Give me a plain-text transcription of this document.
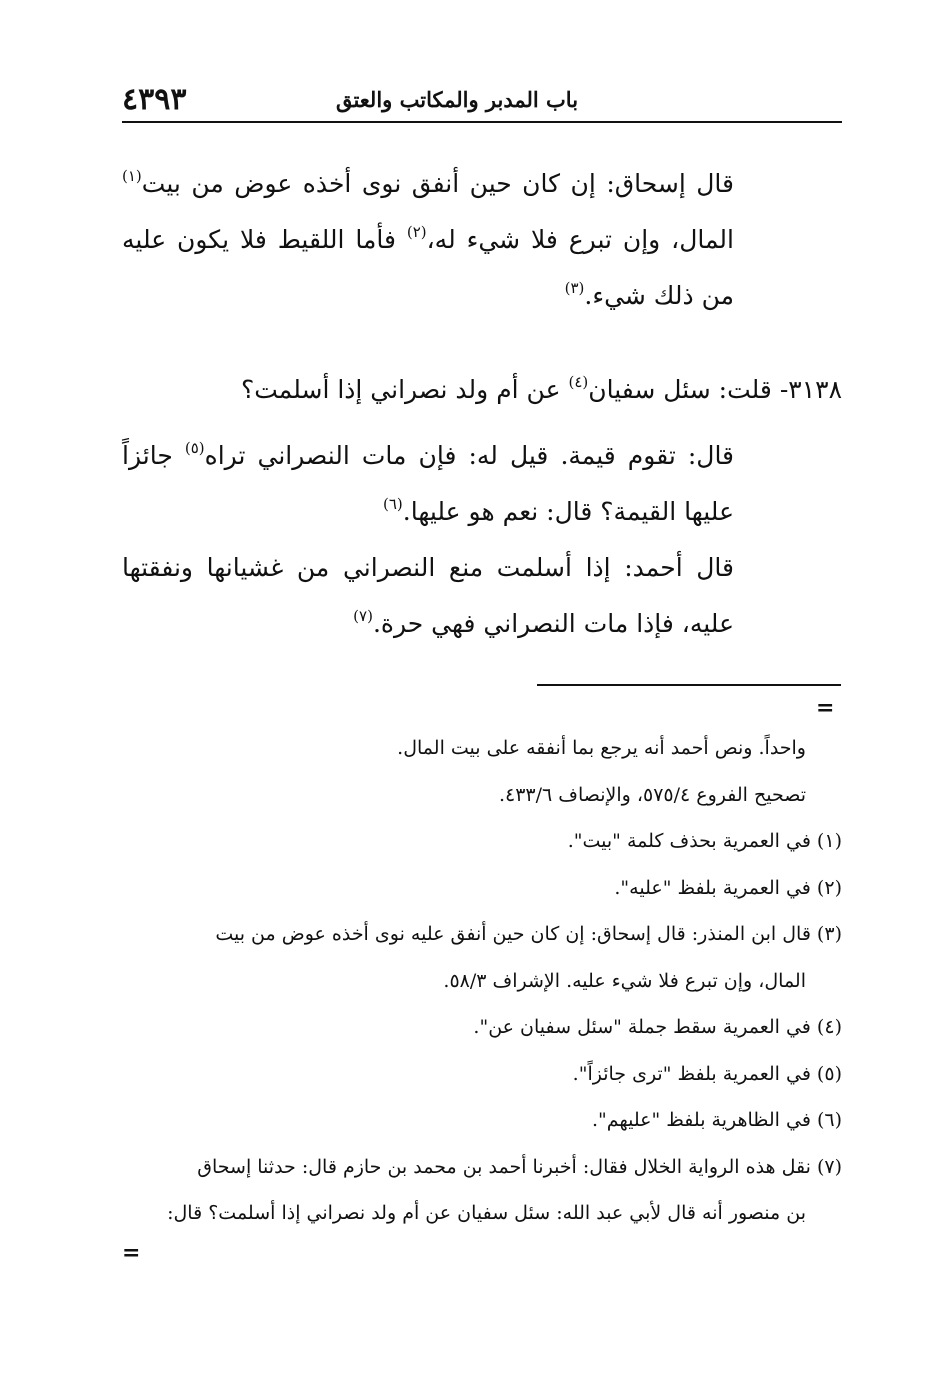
٤٣٩٣	باب المدبر والمكاتب والعتق
قال إسحاق: إن كان حين أنفق نوى أخذه عوض من بيت$^{(١)}$ المال، وإن تبرع فلا شيء له،$^{(٢)}$ فأما اللقيط فلا يكون عليه من ذلك شيء.$^{(٣)}$
٣١٣٨- قلت: سئل سفيان$^{(٤)}$ عن أم ولد نصراني إذا أسلمت؟
قال: تقوم قيمة. قيل له: فإن مات النصراني تراه$^{(٥)}$ جائزاً عليها القيمة؟ قال: نعم هو عليها.$^{(٦)}$
قال أحمد: إذا أسلمت منع النصراني من غشيانها ونفقتها عليه، فإذا مات النصراني فهي حرة.$^{(٧)}$
=
واحداً. ونص أحمد أنه يرجع بما أنفقه على بيت المال.
تصحيح الفروع ٥٧٥/٤، والإنصاف ٤٣٣/٦.
(١) في العمرية بحذف كلمة "بيت".
(٢) في العمرية بلفظ "عليه".
(٣) قال ابن المنذر: قال إسحاق: إن كان حين أنفق عليه نوى أخذه عوض من بيت
المال، وإن تبرع فلا شيء عليه. الإشراف ٥٨/٣.
(٤) في العمرية سقط جملة "سئل سفيان عن".
(٥) في العمرية بلفظ "ترى جائزاً".
(٦) في الظاهرية بلفظ "عليهم".
(٧) نقل هذه الرواية الخلال فقال: أخبرنا أحمد بن محمد بن حازم قال: حدثنا إسحاق
بن منصور أنه قال لأبي عبد الله: سئل سفيان عن أم ولد نصراني إذا أسلمت؟ قال:
=
